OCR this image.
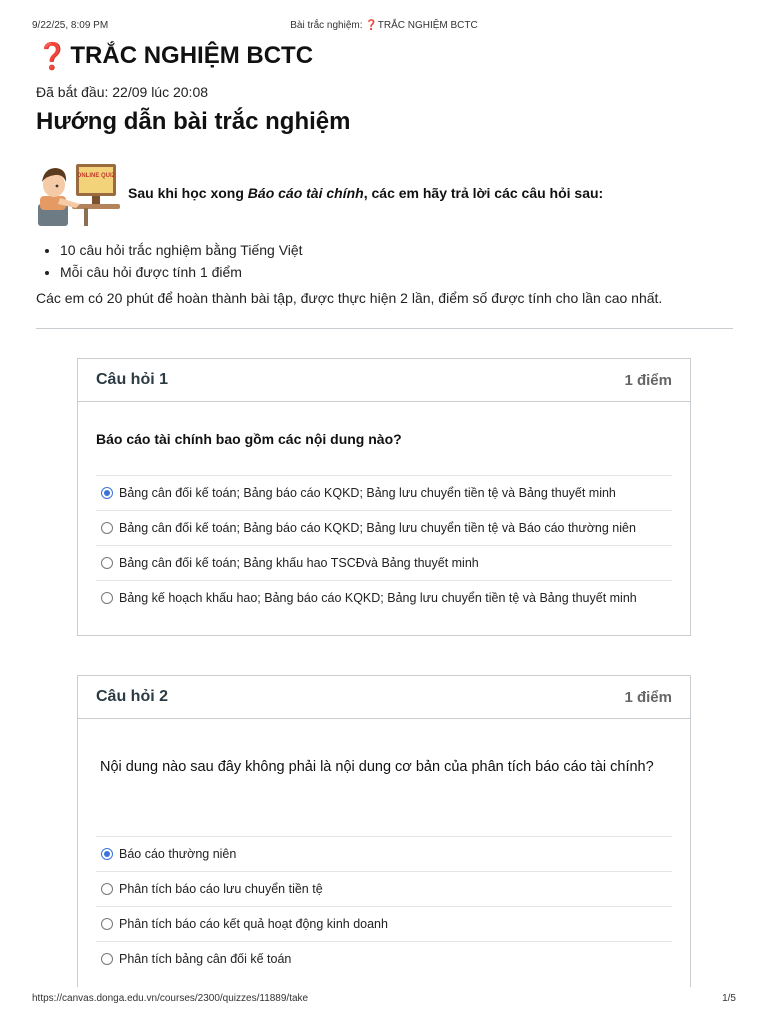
9/22/25, 8:09 PM	Bài trắc nghiệm: ❓TRẮC NGHIỆM BCTC
❓ TRẮC NGHIỆM BCTC
Đã bắt đầu: 22/09 lúc 20:08
Hướng dẫn bài trắc nghiệm
ONLINE QUIZ
Sau khi học xong Báo cáo tài chính, các em hãy trả lời các câu hỏi sau:
• 10 câu hỏi trắc nghiệm bằng Tiếng Việt
• Mỗi câu hỏi được tính 1 điểm

Các em có 20 phút để hoàn thành bài tập, được thực hiện 2 lần, điểm số được tính cho lần cao nhất.

Câu hỏi 1	1 điểm
Báo cáo tài chính bao gồm các nội dung nào?
Bảng cân đối kế toán; Bảng báo cáo KQKD; Bảng lưu chuyển tiền tệ và Bảng thuyết minh
Bảng cân đối kế toán; Bảng báo cáo KQKD; Bảng lưu chuyển tiền tệ và Báo cáo thường niên
Bảng cân đối kế toán; Bảng khấu hao TSCĐvà Bảng thuyết minh
Bảng kế hoạch khấu hao; Bảng báo cáo KQKD; Bảng lưu chuyển tiền tệ và Bảng thuyết minh
Câu hỏi 2	1 điểm
Nội dung nào sau đây không phải là nội dung cơ bản của phân tích báo cáo tài chính?
Báo cáo thường niên
Phân tích báo cáo lưu chuyển tiền tệ
Phân tích báo cáo kết quả hoạt động kinh doanh
Phân tích bảng cân đối kế toán
https://canvas.donga.edu.vn/courses/2300/quizzes/11889/take	1/5
